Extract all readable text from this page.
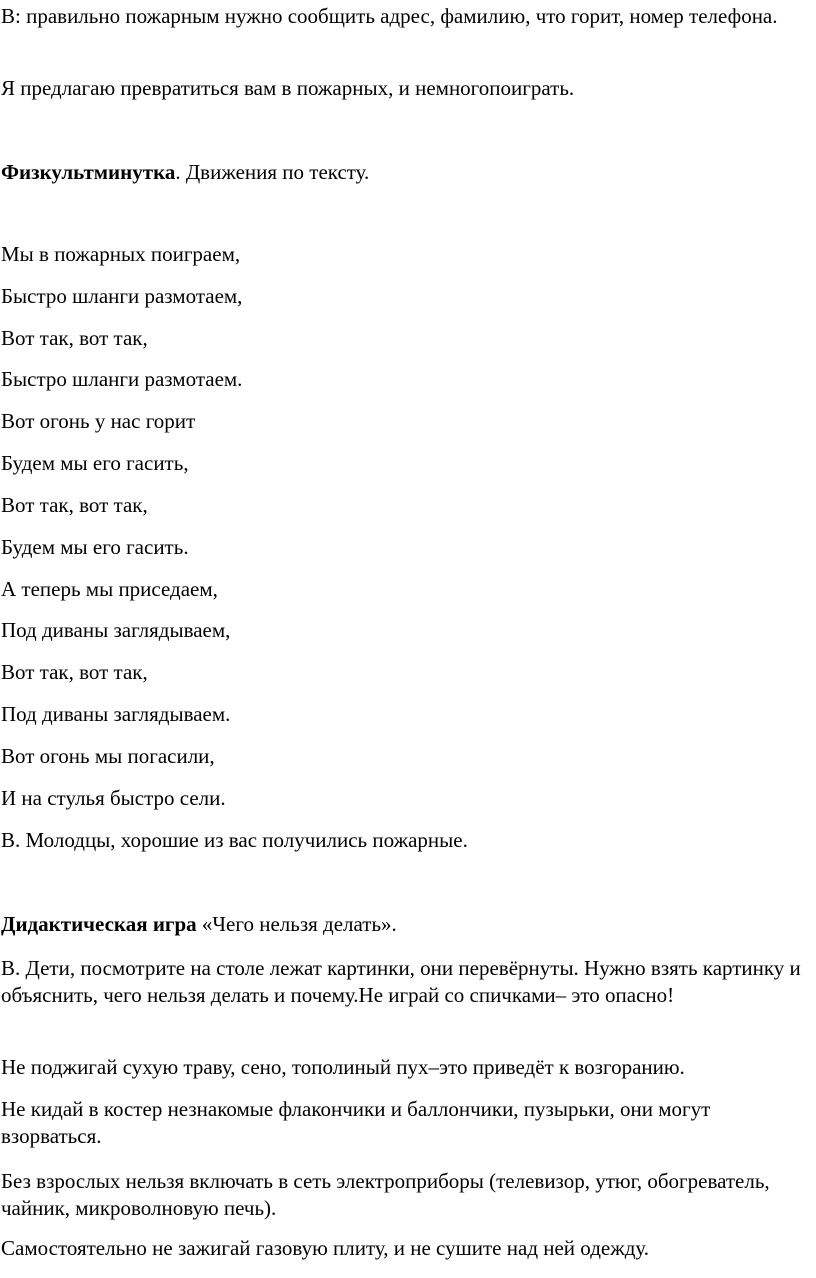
В: правильно пожарным нужно сообщить адрес, фамилию, что горит, номер телефона.

Я предлагаю превратиться вам в пожарных, и немногопоиграть.

Физкультминутка. Движения по тексту.

Мы в пожарных поиграем,

Быстро шланги размотаем,

Вот так, вот так,

Быстро шланги размотаем.

Вот огонь у нас горит

Будем мы его гасить,

Вот так, вот так,

Будем мы его гасить.

А теперь мы приседаем,

Под диваны заглядываем,

Вот так, вот так,

Под диваны заглядываем.

Вот огонь мы погасили,

И на стулья быстро сели.

В. Молодцы, хорошие из вас получились пожарные.

Дидактическая игра «Чего нельзя делать».

В. Дети, посмотрите на столе лежат картинки, они перевёрнуты. Нужно взять картинку и объяснить, чего нельзя делать и почему.Не играй со спичками– это опасно!

Не поджигай сухую траву, сено, тополиный пух–это приведёт к возгоранию.

Не кидай в костер незнакомые флакончики и баллончики, пузырьки, они могут взорваться.

Без взрослых нельзя включать в сеть электроприборы (телевизор, утюг, обогреватель, чайник, микроволновую печь).

Самостоятельно не зажигай газовую плиту, и не сушите над ней одежду.
